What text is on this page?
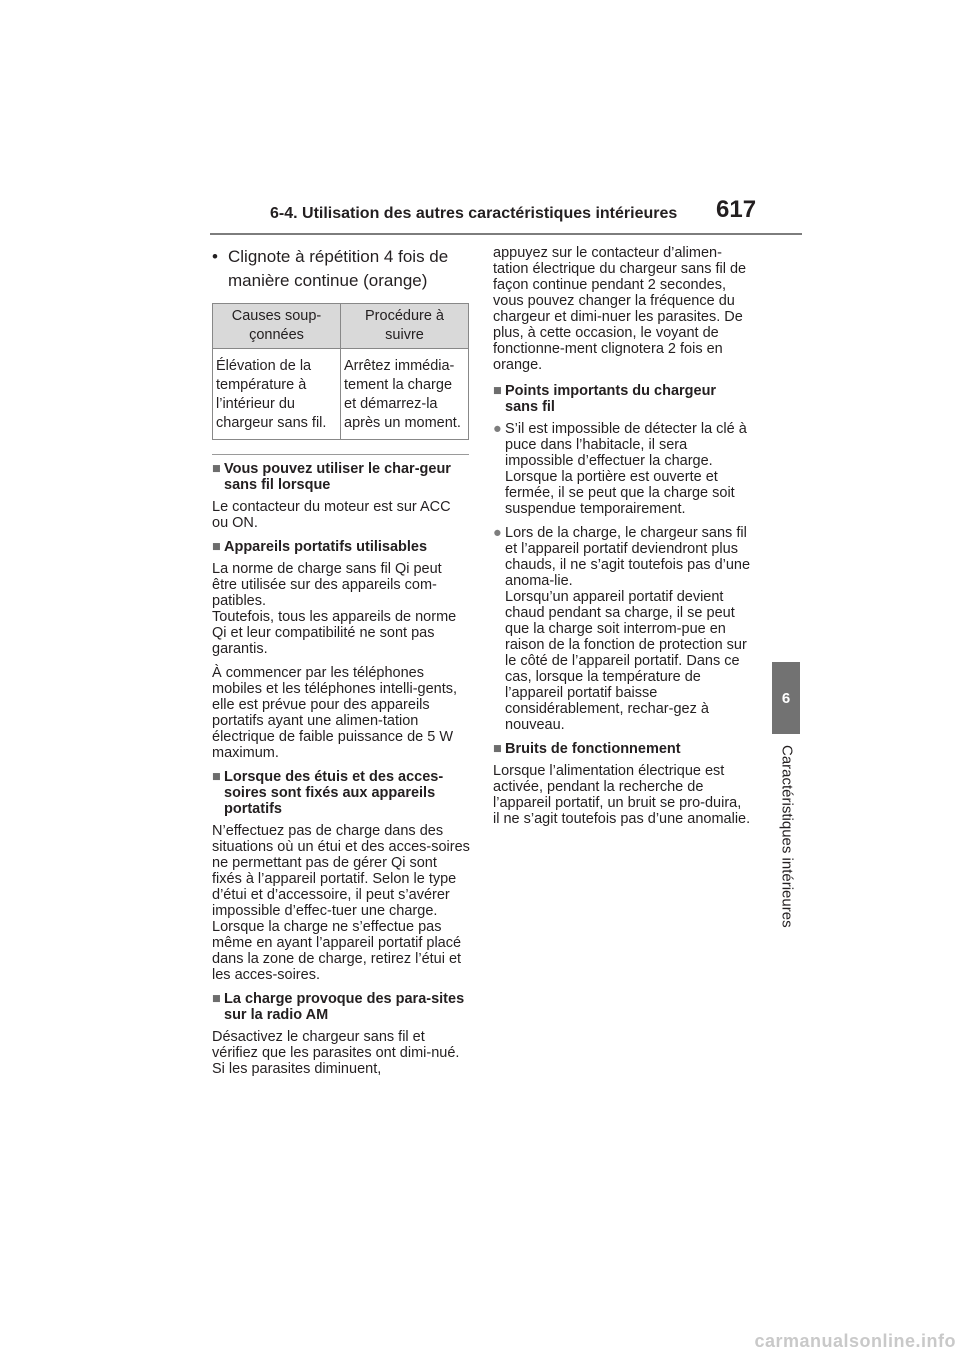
6-4. Utilisation des autres caractéristiques intérieures 617
6
Caractéristiques intérieures
• Clignote à répétition 4 fois de manière continue (orange)
Causes soup-çonnées	Procédure à suivre
Élévation de la température à l’intérieur du chargeur sans fil.	Arrêtez immédia-tement la charge et démarrez-la après un moment.
■ Vous pouvez utiliser le char-geur sans fil lorsque

Le contacteur du moteur est sur ACC ou ON.

■ Appareils portatifs utilisables

La norme de charge sans fil Qi peut être utilisée sur des appareils com-patibles.

Toutefois, tous les appareils de norme Qi et leur compatibilité ne sont pas garantis.

À commencer par les téléphones mobiles et les téléphones intelli-gents, elle est prévue pour des appareils portatifs ayant une alimen-tation électrique de faible puissance de 5 W maximum.

■ Lorsque des étuis et des acces-soires sont fixés aux appareils portatifs

N’effectuez pas de charge dans des situations où un étui et des acces-soires ne permettant pas de gérer Qi sont fixés à l’appareil portatif. Selon le type d’étui et d’accessoire, il peut s’avérer impossible d’effec-tuer une charge. Lorsque la charge ne s’effectue pas même en ayant l’appareil portatif placé dans la zone de charge, retirez l’étui et les acces-soires.

■ La charge provoque des para-sites sur la radio AM

Désactivez le chargeur sans fil et vérifiez que les parasites ont dimi-nué. Si les parasites diminuent,

appuyez sur le contacteur d’alimen-tation électrique du chargeur sans fil de façon continue pendant 2 secondes, vous pouvez changer la fréquence du chargeur et dimi-nuer les parasites. De plus, à cette occasion, le voyant de fonctionne-ment clignotera 2 fois en orange.

■ Points importants du chargeur sans fil
● S’il est impossible de détecter la clé à puce dans l’habitacle, il sera impossible d’effectuer la charge. Lorsque la portière est ouverte et fermée, il se peut que la charge soit suspendue temporairement.
● Lors de la charge, le chargeur sans fil et l’appareil portatif deviendront plus chauds, il ne s’agit toutefois pas d’une anoma-lie.
Lorsqu’un appareil portatif devient chaud pendant sa charge, il se peut que la charge soit interrom-pue en raison de la fonction de protection sur le côté de l’appareil portatif. Dans ce cas, lorsque la température de l’appareil portatif baisse considérablement, rechar-gez à nouveau.
■ Bruits de fonctionnement

Lorsque l’alimentation électrique est activée, pendant la recherche de l’appareil portatif, un bruit se pro-duira, il ne s’agit toutefois pas d’une anomalie.

carmanualsonline.info
